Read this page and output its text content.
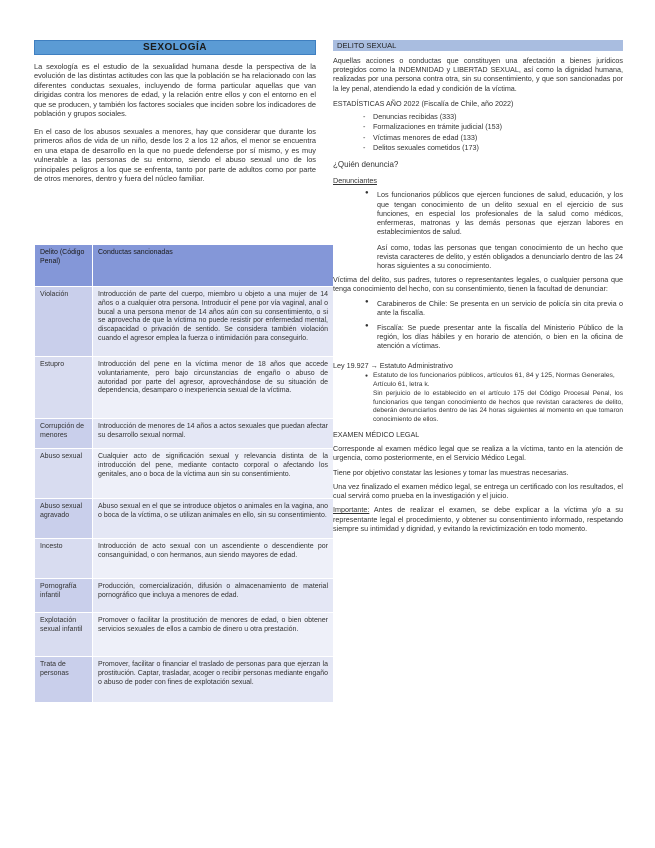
SEXOLOGÍA

La sexología es el estudio de la sexualidad humana desde la perspectiva de la evolución de las distintas actitudes con las que la población se ha relacionado con las diferentes conductas sexuales, incluyendo de forma particular aquellas que van dirigidas contra los menores de edad, y la relación entre ellos y con el entorno en el que se producen, y también los factores sociales que inciden sobre los indicadores de población y grupos sociales.

En el caso de los abusos sexuales a menores, hay que considerar que durante los primeros años de vida de un niño, desde los 2 a los 12 años, el menor se encuentra en una etapa de desarrollo en la que no puede defenderse por sí mismo, y es muy vulnerable a las personas de su entorno, siendo el abuso sexual uno de los principales peligros a los que se enfrenta, tanto por parte de adultos como por parte de otros menores, dentro y fuera del núcleo familiar.

Delito (Código Penal)	Conductas sancionadas
Violación	Introducción de parte del cuerpo, miembro u objeto a una mujer de 14 años o a cualquier otra persona. Introducir el pene por vía vaginal, anal o bucal a una persona menor de 14 años aún con su consentimiento, o si se aprovecha de que la víctima no puede resistir por enfermedad mental, discapacidad o privación de sentido. Se considera también violación cuando el agresor emplea la fuerza o intimidación para conseguirlo.
Estupro	Introducción del pene en la víctima menor de 18 años que accede voluntariamente, pero bajo circunstancias de engaño o abuso de autoridad por parte del agresor, aprovechándose de su situación de dependencia, desamparo o inexperiencia sexual de la víctima.
Corrupción de menores	Introducción de menores de 14 años a actos sexuales que puedan afectar su desarrollo sexual normal.
Abuso sexual	Cualquier acto de significación sexual y relevancia distinta de la introducción del pene, mediante contacto corporal o afectando los genitales, ano o boca de la víctima aun sin su consentimiento.
Abuso sexual agravado	Abuso sexual en el que se introduce objetos o animales en la vagina, ano o boca de la víctima, o se utilizan animales en ello, sin su consentimiento.
Incesto	Introducción de acto sexual con un ascendiente o descendiente por consanguinidad, o con hermanos, aun siendo mayores de edad.
Pornografía infantil	Producción, comercialización, difusión o almacenamiento de material pornográfico que incluya a menores de edad.
Explotación sexual infantil	Promover o facilitar la prostitución de menores de edad, o bien obtener servicios sexuales de ellos a cambio de dinero u otra prestación.
Trata de personas	Promover, facilitar o financiar el traslado de personas para que ejerzan la prostitución. Captar, trasladar, acoger o recibir personas mediante engaño o abuso de poder con fines de explotación sexual.
DELITO SEXUAL

Aquellas acciones o conductas que constituyen una afectación a bienes jurídicos protegidos como la INDEMNIDAD y LIBERTAD SEXUAL, así como la dignidad humana, realizadas por una persona contra otra, sin su consentimiento, y que son sancionadas por la ley penal, atendiendo la edad y condición de la víctima.

ESTADÍSTICAS AÑO 2022 (Fiscalía de Chile, año 2022)

- Denuncias recibidas (333)
- Formalizaciones en trámite judicial (153)
- Víctimas menores de edad (133)
- Delitos sexuales cometidos (173)

¿Quién denuncia?

Denunciantes

● Los funcionarios públicos que ejercen funciones de salud, educación, y los que tengan conocimiento de un delito sexual en el ejercicio de sus funciones, en especial los profesionales de la salud como médicos, enfermeras, matronas y las demás personas que ejerzan labores en establecimientos de salud.

Así como, todas las personas que tengan conocimiento de un hecho que revista caracteres de delito, y estén obligados a denunciarlo dentro de las 24 horas siguientes a su conocimiento.

Víctima del delito, sus padres, tutores o representantes legales, o cualquier persona que tenga conocimiento del hecho, con su consentimiento, tienen la facultad de denunciar:

● Carabineros de Chile: Se presenta en un servicio de policía sin cita previa o ante la fiscalía.
● Fiscalía: Se puede presentar ante la fiscalía del Ministerio Público de la región, los días hábiles y en horario de atención, o bien en la oficina de atención a víctimas.

Ley 19.927 → Estatuto Administrativo

● Estatuto de los funcionarios públicos, artículos 61, 84 y 125, Normas Generales, Artículo 61, letra k.

Sin perjuicio de lo establecido en el artículo 175 del Código Procesal Penal, los funcionarios que tengan conocimiento de hechos que revistan caracteres de delito, deberán denunciarlos dentro de las 24 horas siguientes al momento en que tomaron conocimiento de ellos.

EXAMEN MÉDICO LEGAL

Corresponde al examen médico legal que se realiza a la víctima, tanto en la atención de urgencia, como posteriormente, en el Servicio Médico Legal.

Tiene por objetivo constatar las lesiones y tomar las muestras necesarias.

Una vez finalizado el examen médico legal, se entrega un certificado con los resultados, el cual servirá como prueba en la investigación y el juicio.

Importante: Antes de realizar el examen, se debe explicar a la víctima y/o a su representante legal el procedimiento, y obtener su consentimiento informado, respetando siempre su intimidad y dignidad, y evitando la revictimización en todo momento.
